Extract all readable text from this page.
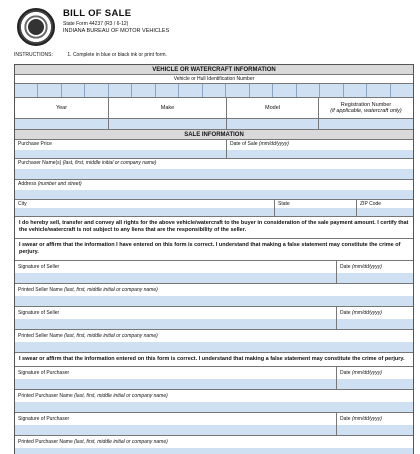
BILL OF SALE
State Form 44237 (R3 / 6-12)
INDIANA BUREAU OF MOTOR VEHICLES
INSTRUCTIONS:	1. Complete in blue or black ink or print form.
VEHICLE OR WATERCRAFT INFORMATION
Vehicle or Hull Identification Number
Year	Make	Model	Registration Number
(if applicable, watercraft only)
SALE INFORMATION
Purchase Price	Date of Sale (mm/dd/yyyy)
Purchaser Name(s) (last, first, middle initial or company name)
Address (number and street)
City	State	ZIP Code
I do hereby sell, transfer and convey all rights for the above vehicle/watercraft to the buyer in consideration of the sale payment amount. I certify that the vehicle/watercraft is not subject to any liens that are the responsibility of the seller.
I swear or affirm that the information I have entered on this form is correct. I understand that making a false statement may constitute the crime of perjury.
Signature of Seller	Date (mm/dd/yyyy)
Printed Seller Name (last, first, middle initial or company name)
Signature of Seller	Date (mm/dd/yyyy)
Printed Seller Name (last, first, middle initial or company name)
I swear or affirm that the information entered on this form is correct. I understand that making a false statement may constitute the crime of perjury.
Signature of Purchaser	Date (mm/dd/yyyy)
Printed Purchaser Name (last, first, middle initial or company name)
Signature of Purchaser	Date (mm/dd/yyyy)
Printed Purchaser Name (last, first, middle initial or company name)
